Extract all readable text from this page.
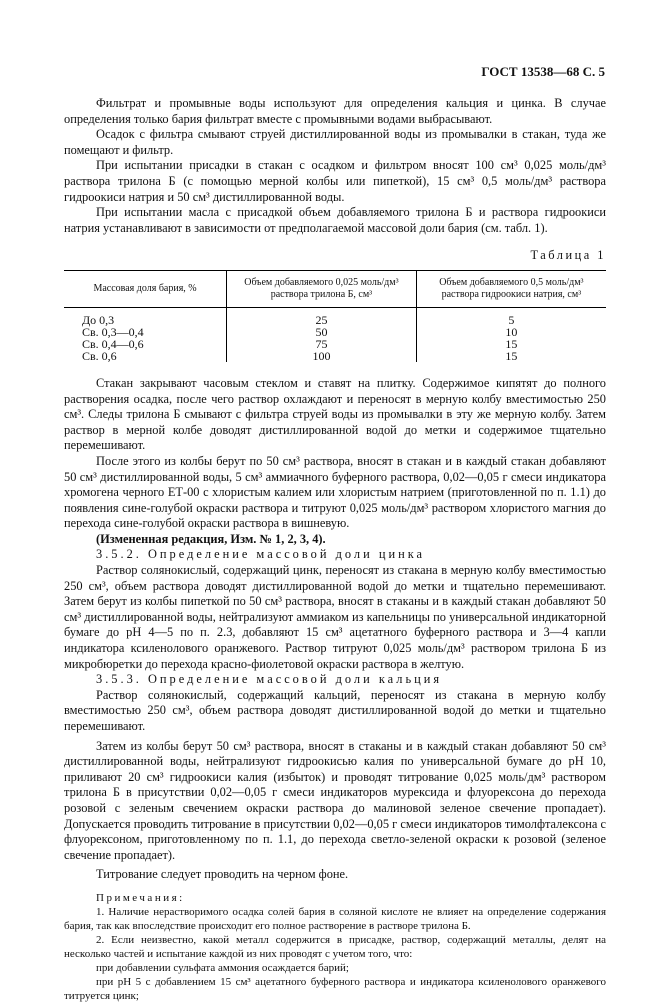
ГОСТ 13538—68 С. 5

Фильтрат и промывные воды используют для определения кальция и цинка. В случае определения только бария фильтрат вместе с промывными водами выбрасывают.

Осадок с фильтра смывают струей дистиллированной воды из промывалки в стакан, туда же помещают и фильтр.

При испытании присадки в стакан с осадком и фильтром вносят 100 см³ 0,025 моль/дм³ раствора трилона Б (с помощью мерной колбы или пипеткой), 15 см³ 0,5 моль/дм³ раствора гидроокиси натрия и 50 см³ дистиллированной воды.

При испытании масла с присадкой объем добавляемого трилона Б и раствора гидроокиси натрия устанавливают в зависимости от предполагаемой массовой доли бария (см. табл. 1).

Таблица 1

Массовая доля бария, %	Объем добавляемого 0,025 моль/дм³ раствора трилона Б, см³	Объем добавляемого 0,5 моль/дм³ раствора гидроокиси натрия, см³
До 0,3	25	5
Св. 0,3—0,4	50	10
Св. 0,4—0,6	75	15
Св. 0,6	100	15

Стакан закрывают часовым стеклом и ставят на плитку. Содержимое кипятят до полного растворения осадка, после чего раствор охлаждают и переносят в мерную колбу вместимостью 250 см³. Следы трилона Б смывают с фильтра струей воды из промывалки в эту же мерную колбу. Затем раствор в мерной колбе доводят дистиллированной водой до метки и содержимое тщательно перемешивают.

После этого из колбы берут по 50 см³ раствора, вносят в стакан и в каждый стакан добавляют 50 см³ дистиллированной воды, 5 см³ аммиачного буферного раствора, 0,02—0,05 г смеси индикатора хромогена черного ЕТ-00 с хлористым калием или хлористым натрием (приготовленной по п. 1.1) до появления сине-голубой окраски раствора и титруют 0,025 моль/дм³ раствором хлористого магния до перехода сине-голубой окраски раствора в вишневую.

(Измененная редакция, Изм. № 1, 2, 3, 4).

3.5.2. Определение массовой доли цинка

Раствор солянокислый, содержащий цинк, переносят из стакана в мерную колбу вместимостью 250 см³, объем раствора доводят дистиллированной водой до метки и тщательно перемешивают. Затем берут из колбы пипеткой по 50 см³ раствора, вносят в стаканы и в каждый стакан добавляют 50 см³ дистиллированной воды, нейтрализуют аммиаком из капельницы по универсальной индикаторной бумаге до pH 4—5 по п. 2.3, добавляют 15 см³ ацетатного буферного раствора и 3—4 капли индикатора ксиленолового оранжевого. Раствор титруют 0,025 моль/дм³ раствором трилона Б из микробюретки до перехода красно-фиолетовой окраски раствора в желтую.

3.5.3. Определение массовой доли кальция

Раствор солянокислый, содержащий кальций, переносят из стакана в мерную колбу вместимостью 250 см³, объем раствора доводят дистиллированной водой до метки и тщательно перемешивают.

Затем из колбы берут 50 см³ раствора, вносят в стаканы и в каждый стакан добавляют 50 см³ дистиллированной воды, нейтрализуют гидроокисью калия по универсальной бумаге до pH 10, приливают 20 см³ гидроокиси калия (избыток) и проводят титрование 0,025 моль/дм³ раствором трилона Б в присутствии 0,02—0,05 г смеси индикаторов мурексида и флуорексона до перехода розовой с зеленым свечением окраски раствора до малиновой зеленое свечение пропадает). Допускается проводить титрование в присутствии 0,02—0,05 г смеси индикаторов тимолфталексона с флуорексоном, приготовленному по п. 1.1, до перехода светло-зеленой окраски к розовой (зеленое свечение пропадает).

Титрование следует проводить на черном фоне.

Примечания:

1. Наличие нерастворимого осадка солей бария в соляной кислоте не влияет на определение содержания бария, так как впоследствие происходит его полное растворение в растворе трилона Б.

2. Если неизвестно, какой металл содержится в присадке, раствор, содержащий металлы, делят на несколько частей и испытание каждой из них проводят с учетом того, что:

при добавлении сульфата аммония осаждается барий;

при pH 5 с добавлением 15 см³ ацетатного буферного раствора и индикатора ксиленолового оранжевого титруется цинк;
